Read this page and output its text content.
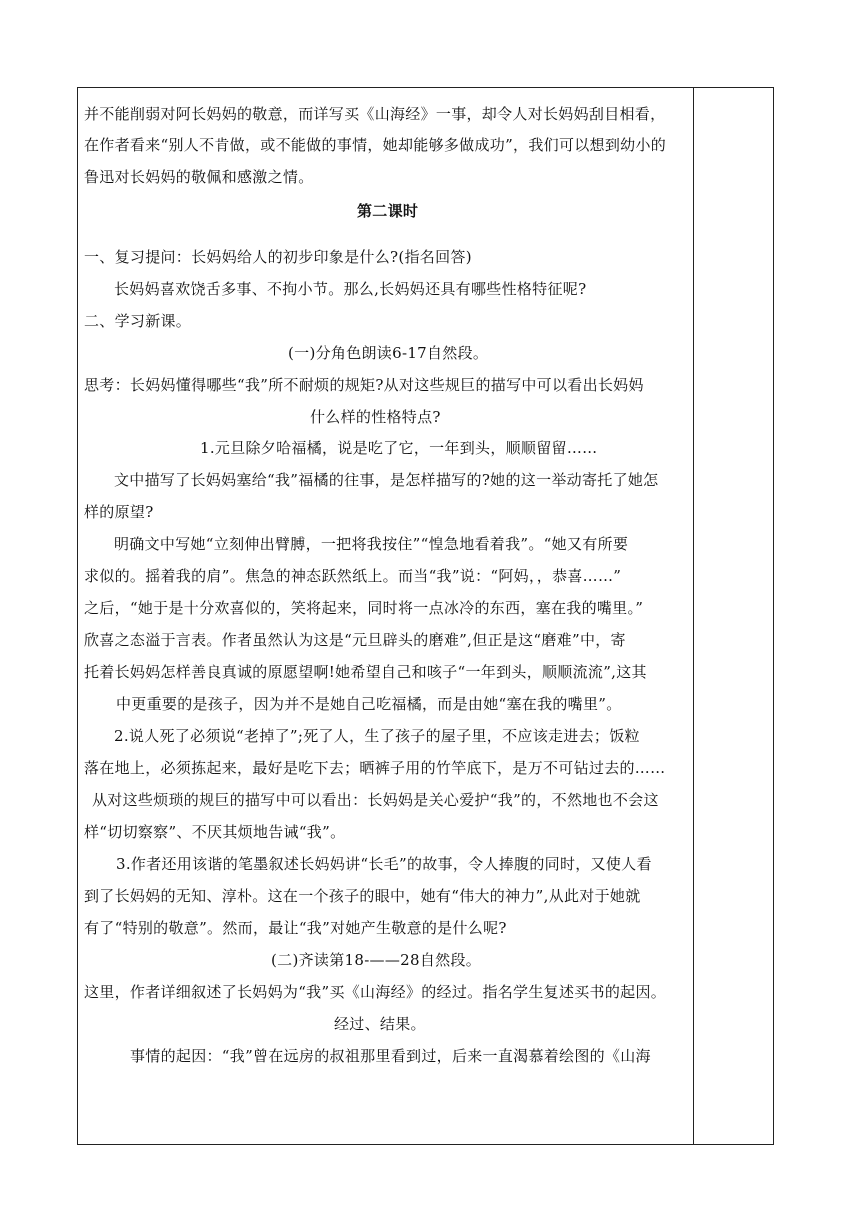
并不能削弱对阿长妈妈的敬意，而详写买《山海经》一事，却令人对长妈妈刮目相看，
在作者看来“别人不肯做，或不能做的事情，她却能够多做成功”，我们可以想到幼小的
鲁迅对长妈妈的敬佩和感激之情。
第二课时
一、复习提问：长妈妈给人的初步印象是什么?(指名回答)
长妈妈喜欢饶舌多事、不拘小节。那么,长妈妈还具有哪些性格特征呢?
二、学习新课。
(一)分角色朗读6-17自然段。
思考：长妈妈懂得哪些“我”所不耐烦的规矩?从对这些规巨的描写中可以看出长妈妈
什么样的性格特点?
1.元旦除夕哈福橘，说是吃了它，一年到头，顺顺留留……
文中描写了长妈妈塞给“我”福橘的往事，是怎样描写的?她的这一举动寄托了她怎
样的原望?
明确文中写她“立刻伸出臂膊，一把将我按住”“惶急地看着我”。“她又有所要
求似的。摇着我的肩”。焦急的神态跃然纸上。而当“我”说：“阿妈，，恭喜……”
之后，“她于是十分欢喜似的，笑将起来，同时将一点冰冷的东西，塞在我的嘴里。”
欣喜之态溢于言表。作者虽然认为这是“元旦辟头的磨难”,但正是这“磨难”中，寄
托着长妈妈怎样善良真诚的原愿望啊!她希望自己和咳子“一年到头，顺顺流流”,这其
中更重要的是孩子，因为并不是她自己吃福橘，而是由她“塞在我的嘴里”。
2.说人死了必须说“老掉了”;死了人，生了孩子的屋子里，不应该走进去；饭粒
落在地上，必须拣起来，最好是吃下去；晒裤子用的竹竿底下，是万不可钻过去的……
从对这些烦琐的规巨的描写中可以看出：长妈妈是关心爱护“我”的，不然地也不会这
样“切切察察”、不厌其烦地告诫“我”。
3.作者还用该谐的笔墨叙述长妈妈讲“长毛”的故事，令人捧腹的同时，又使人看
到了长妈妈的无知、淳朴。这在一个孩子的眼中，她有“伟大的神力”,从此对于她就
有了“特别的敬意”。然而，最让“我”对她产生敬意的是什么呢?
(二)齐读第18-——28自然段。
这里，作者详细叙述了长妈妈为“我”买《山海经》的经过。指名学生复述买书的起因。
经过、结果。
事情的起因：“我”曾在远房的叔祖那里看到过，后来一直渴慕着绘图的《山海
